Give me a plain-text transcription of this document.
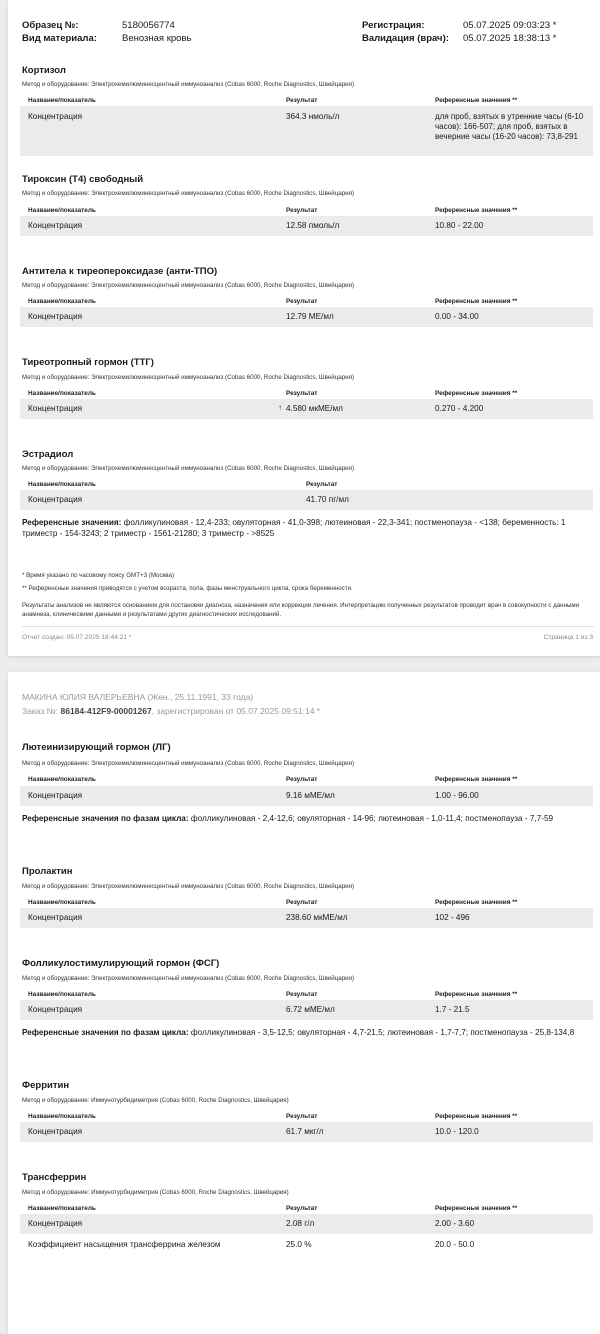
Образец №:	5180056774
Вид материала:	Венозная кровь
Регистрация:	05.07.2025 09:03:23 *
Валидация (врач): 05.07.2025 18:38:13 *
Кортизол
Метод и оборудование: Электрохемилюминесцентный иммуноанализ (Cobas 6000, Roche Diagnostics, Швейцария)
Название/показатель	Результат	Референсные значения **
Концентрация	364.3 нмоль/л	для проб, взятых в утренние часы (6-10 часов): 166-507; для проб, взятых в вечерние часы (16-20 часов): 73,8-291
Тироксин (Т4) свободный
Метод и оборудование: Электрохемилюминесцентный иммуноанализ (Cobas 6000, Roche Diagnostics, Швейцария)
Название/показатель	Результат	Референсные значения **
Концентрация	12.58 пмоль/л	10.80 - 22.00
Антитела к тиреопероксидазе (анти-ТПО)
Метод и оборудование: Электрохемилюминесцентный иммуноанализ (Cobas 6000, Roche Diagnostics, Швейцария)
Название/показатель	Результат	Референсные значения **
Концентрация	12.79 МЕ/мл	0.00 - 34.00
Тиреотропный гормон (ТТГ)
Метод и оборудование: Электрохемилюминесцентный иммуноанализ (Cobas 6000, Roche Diagnostics, Швейцария)
Название/показатель	Результат	Референсные значения **
Концентрация	↑ 4.580 мкМЕ/мл	0.270 - 4.200
Эстрадиол
Метод и оборудование: Электрохемилюминесцентный иммуноанализ (Cobas 6000, Roche Diagnostics, Швейцария)
Название/показатель	Результат
Концентрация	41.70 пг/мл
Референсные значения: фолликулиновая - 12,4-233; овуляторная - 41,0-398; лютеиновая - 22,3-341; постменопауза - <138; беременность: 1 триместр - 154-3243; 2 триместр - 1561-21280; 3 триместр - >8525
* Время указано по часовому поясу GMT+3 (Москва)
** Референсные значения приводятся с учетом возраста, пола, фазы менструального цикла, срока беременности.
Результаты анализов не являются основанием для постановки диагноза, назначения или коррекции лечения. Интерпретацию полученных результатов проводит врач в совокупности с данными анамнеза, клиническими данными и результатами других диагностических исследований.
Отчет создан: 05.07.2025 18:44:21 *	Страница 1 из 3
МАКИНА ЮЛИЯ ВАЛЕРЬЕВНА (Жен., 25.11.1991, 33 года)
Заказ №: 86184-412F9-00001267, зарегистрирован от 05.07.2025 09:51:14 *
Лютеинизирующий гормон (ЛГ)
Метод и оборудование: Электрохемилюминесцентный иммуноанализ (Cobas 6000, Roche Diagnostics, Швейцария)
Название/показатель	Результат	Референсные значения **
Концентрация	9.16 мМЕ/мл	1.00 - 96.00
Референсные значения по фазам цикла: фолликулиновая - 2,4-12,6; овуляторная - 14-96; лютеиновая - 1,0-11,4; постменопауза - 7,7-59
Пролактин
Метод и оборудование: Электрохемилюминесцентный иммуноанализ (Cobas 6000, Roche Diagnostics, Швейцария)
Название/показатель	Результат	Референсные значения **
Концентрация	238.60 мкМЕ/мл	102 - 496
Фолликулостимулирующий гормон (ФСГ)
Метод и оборудование: Электрохемилюминесцентный иммуноанализ (Cobas 6000, Roche Diagnostics, Швейцария)
Название/показатель	Результат	Референсные значения **
Концентрация	6.72 мМЕ/мл	1.7 - 21.5
Референсные значения по фазам цикла: фолликулиновая - 3,5-12,5; овуляторная - 4,7-21,5; лютеиновая - 1,7-7,7; постменопауза - 25,8-134,8
Ферритин
Метод и оборудование: Иммунотурбидиметрия (Cobas 6000, Roche Diagnostics, Швейцария)
Название/показатель	Результат	Референсные значения **
Концентрация	61.7 мкг/л	10.0 - 120.0
Трансферрин
Метод и оборудование: Иммунотурбидиметрия (Cobas 6000, Roche Diagnostics, Швейцария)
Название/показатель	Результат	Референсные значения **
Концентрация	2.08 г/л	2.00 - 3.60
Коэффициент насыщения трансферрина железом	25.0 %	20.0 - 50.0
